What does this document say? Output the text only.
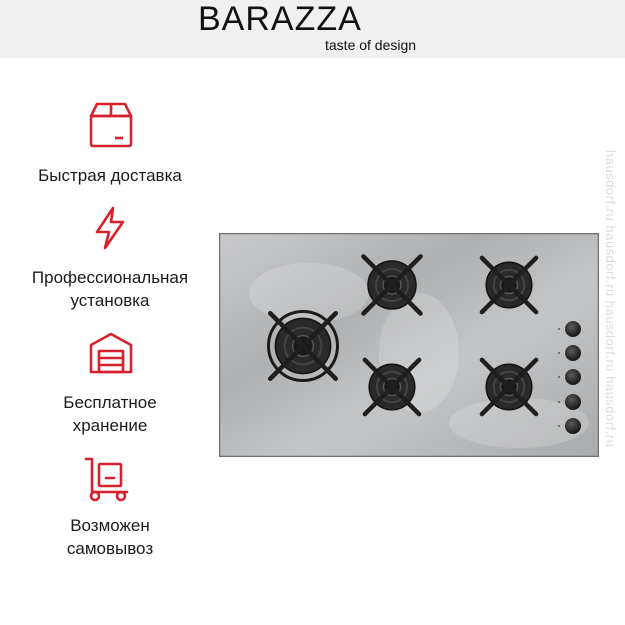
BARAZZA
taste of design
Быстрая доставка
Профессиональная
установка
Бесплатное
хранение
Возможен
самовывоз
hausdorf.ru hausdorf.ru hausdorf.ru hausdorf.ru
